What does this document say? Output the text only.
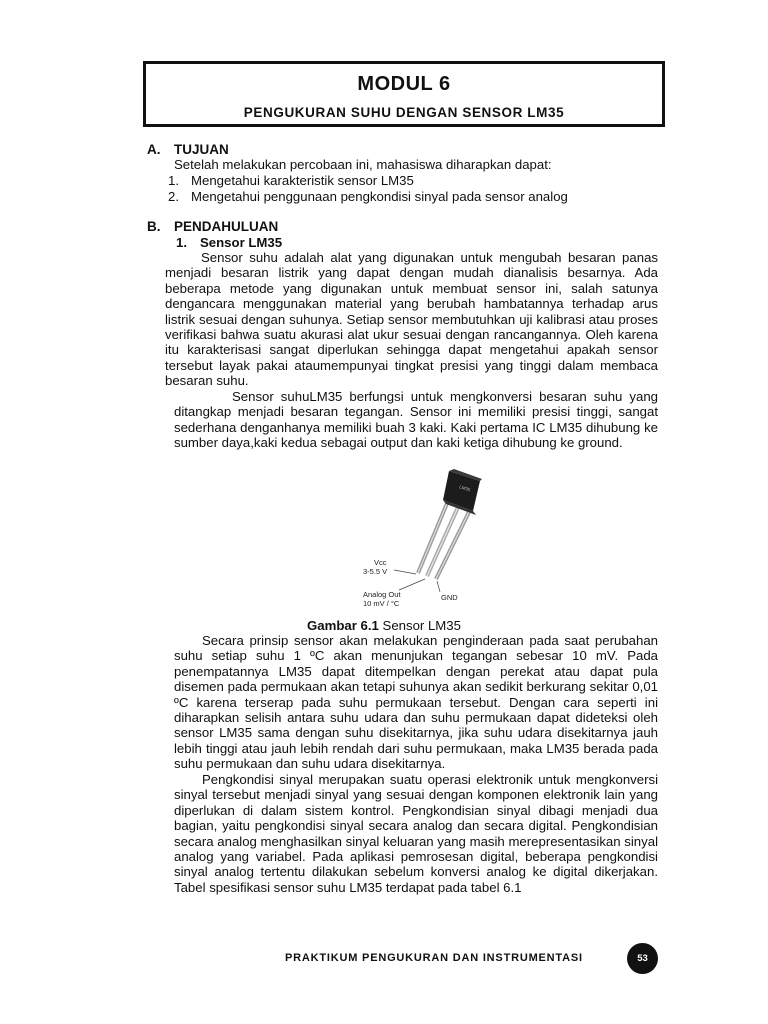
MODUL 6
PENGUKURAN SUHU DENGAN SENSOR LM35
A. TUJUAN

Setelah melakukan percobaan ini, mahasiswa diharapkan dapat:

1. Mengetahui karakteristik sensor LM35
2. Mengetahui penggunaan pengkondisi sinyal pada sensor analog
B. PENDAHULUAN
1. Sensor LM35

Sensor suhu adalah alat yang digunakan untuk mengubah besaran panas menjadi besaran listrik yang dapat dengan mudah dianalisis besarnya. Ada beberapa metode yang digunakan untuk membuat sensor ini, salah satunya dengancara menggunakan material yang berubah hambatannya terhadap arus listrik sesuai dengan suhunya. Setiap sensor membutuhkan uji kalibrasi atau proses verifikasi bahwa suatu akurasi alat ukur sesuai dengan rancangannya. Oleh karena itu karakterisasi sangat diperlukan sehingga dapat mengetahui apakah sensor tersebut layak pakai ataumempunyai tingkat presisi yang tinggi dalam membaca besaran suhu.

Sensor suhuLM35 berfungsi untuk mengkonversi besaran suhu yang ditangkap menjadi besaran tegangan. Sensor ini memiliki presisi tinggi, sangat sederhana denganhanya memiliki buah 3 kaki. Kaki pertama IC LM35 dihubung ke sumber daya,kaki kedua sebagai output dan kaki ketiga dihubung ke ground.

LM35
Vcc
3-5.5 V
Analog Out
10 mV / °C
GND
Gambar 6.1 Sensor LM35

Secara prinsip sensor akan melakukan penginderaan pada saat perubahan suhu setiap suhu 1 ºC akan menunjukan tegangan sebesar 10 mV. Pada penempatannya LM35 dapat ditempelkan dengan perekat atau dapat pula disemen pada permukaan akan tetapi suhunya akan sedikit berkurang sekitar 0,01 ºC karena terserap pada suhu permukaan tersebut. Dengan cara seperti ini diharapkan selisih antara suhu udara dan suhu permukaan dapat dideteksi oleh sensor LM35 sama dengan suhu disekitarnya, jika suhu udara disekitarnya jauh lebih tinggi atau jauh lebih rendah dari suhu permukaan, maka LM35 berada pada suhu permukaan dan suhu udara disekitarnya.

Pengkondisi sinyal merupakan suatu operasi elektronik untuk mengkonversi sinyal tersebut menjadi sinyal yang sesuai dengan komponen elektronik lain yang diperlukan di dalam sistem kontrol. Pengkondisian sinyal dibagi menjadi dua bagian, yaitu pengkondisi sinyal secara analog dan secara digital. Pengkondisian secara analog menghasilkan sinyal keluaran yang masih merepresentasikan sinyal analog yang variabel. Pada aplikasi pemrosesan digital, beberapa pengkondisi sinyal analog tertentu dilakukan sebelum konversi analog ke digital dikerjakan. Tabel spesifikasi sensor suhu LM35 terdapat pada tabel 6.1

PRAKTIKUM PENGUKURAN DAN INSTRUMENTASI	53
